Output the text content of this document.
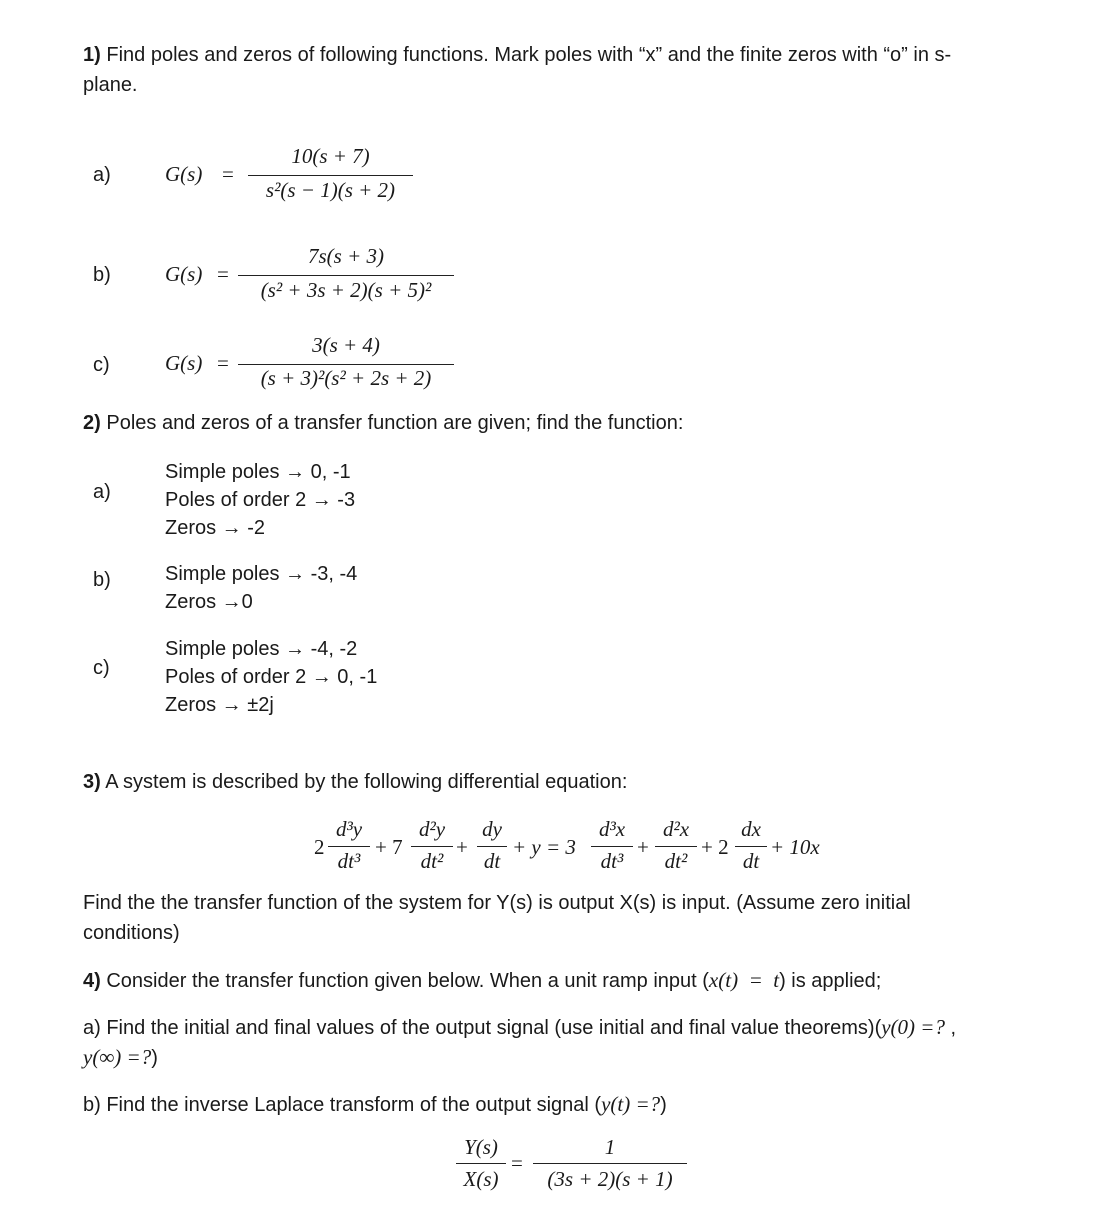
1) Find poles and zeros of following functions. Mark poles with “x” and the finite zeros with “o” in s-
plane.
a)	G(s) =
10(s + 7)
s²(s − 1)(s + 2)
b)	G(s) =
7s(s + 3)
(s² + 3s + 2)(s + 5)²
c)	G(s) =
3(s + 4)
(s + 3)²(s² + 2s + 2)
2) Poles and zeros of a transfer function are given; find the function:
a)
Simple poles → 0, -1
Poles of order 2 → -3
Zeros → -2
b)	Simple poles → -3, -4
Zeros →0
c)
Simple poles → -4, -2
Poles of order 2 → 0, -1
Zeros → ±2j
3) A system is described by the following differential equation:
2
d³y
dt³
+ 7
d²y
dt²
+
dy
dt
+ y = 3
d³x
dt³
+
d²x
dt²
+ 2
dx
dt
+ 10x
Find the the transfer function of the system for Y(s) is output X(s) is input. (Assume zero initial
conditions)
4) Consider the transfer function given below. When a unit ramp input (x(t)  =  t) is applied;
a) Find the initial and final values of the output signal (use initial and final value theorems)(y(0) =? ,
y(∞) =?)
b) Find the inverse Laplace transform of the output signal (y(t) =?)
Y(s)
X(s)
=
1
(3s + 2)(s + 1)
